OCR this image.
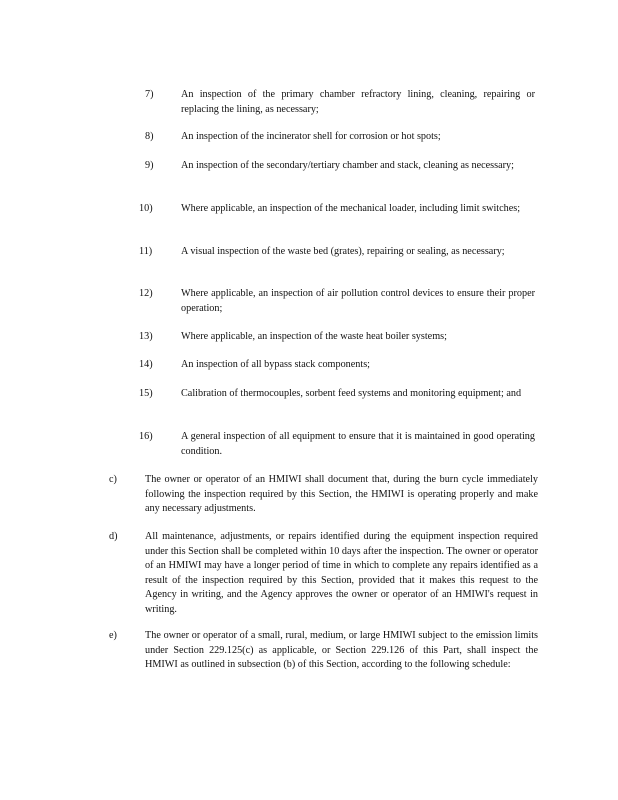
7)	An inspection of the primary chamber refractory lining, cleaning, repairing or replacing the lining, as necessary;
8)	An inspection of the incinerator shell for corrosion or hot spots;
9)	An inspection of the secondary/tertiary chamber and stack, cleaning as necessary;
10)	Where applicable, an inspection of the mechanical loader, including limit switches;
11)	A visual inspection of the waste bed (grates), repairing or sealing, as necessary;
12)	Where applicable, an inspection of air pollution control devices to ensure their proper operation;
13)	Where applicable, an inspection of the waste heat boiler systems;
14)	An inspection of all bypass stack components;
15)	Calibration of thermocouples, sorbent feed systems and monitoring equipment; and
16)	A general inspection of all equipment to ensure that it is maintained in good operating condition.
c)	The owner or operator of an HMIWI shall document that, during the burn cycle immediately following the inspection required by this Section, the HMIWI is operating properly and make any necessary adjustments.
d)	All maintenance, adjustments, or repairs identified during the equipment inspection required under this Section shall be completed within 10 days after the inspection. The owner or operator of an HMIWI may have a longer period of time in which to complete any repairs identified as a result of the inspection required by this Section, provided that it makes this request to the Agency in writing, and the Agency approves the owner or operator of an HMIWI's request in writing.
e)	The owner or operator of a small, rural, medium, or large HMIWI subject to the emission limits under Section 229.125(c) as applicable, or Section 229.126 of this Part, shall inspect the HMIWI as outlined in subsection (b) of this Section, according to the following schedule:
